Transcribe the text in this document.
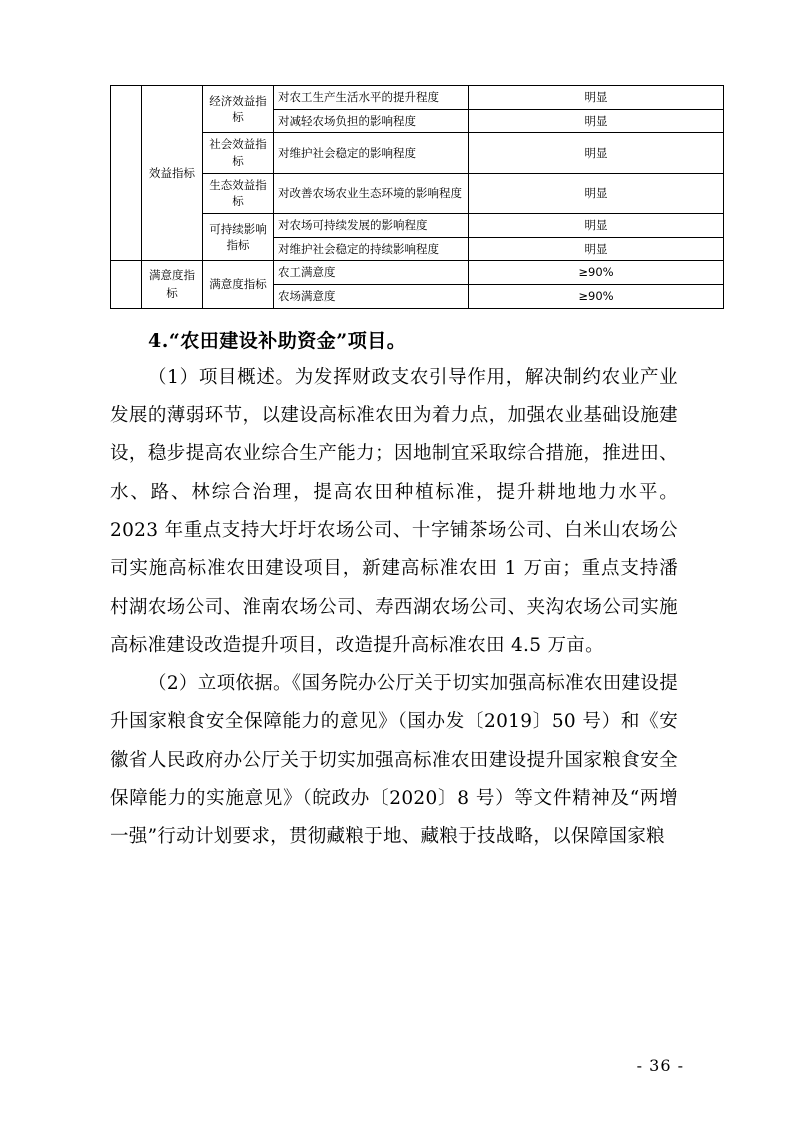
	效益指标	经济效益指标	对农工生产生活水平的提升程度	明显
			对减轻农场负担的影响程度	明显
		社会效益指标	对维护社会稳定的影响程度	明显
		生态效益指标	对改善农场农业生态环境的影响程度	明显
		可持续影响指标	对农场可持续发展的影响程度	明显
			对维护社会稳定的持续影响程度	明显

	满意度指标	满意度指标	农工满意度	≥90%
			农场满意度	≥90%
4.“农田建设补助资金”项目。

（1）项目概述。为发挥财政支农引导作用，解决制约农业产业发展的薄弱环节，以建设高标准农田为着力点，加强农业基础设施建设，稳步提高农业综合生产能力；因地制宜采取综合措施，推进田、水、路、林综合治理，提高农田种植标准，提升耕地地力水平。2023 年重点支持大圩圩农场公司、十字铺茶场公司、白米山农场公司实施高标准农田建设项目，新建高标准农田 1 万亩；重点支持潘村湖农场公司、淮南农场公司、寿西湖农场公司、夹沟农场公司实施高标准建设改造提升项目，改造提升高标准农田 4.5 万亩。

（2）立项依据。《国务院办公厅关于切实加强高标准农田建设提升国家粮食安全保障能力的意见》（国办发〔2019〕50 号）和《安徽省人民政府办公厅关于切实加强高标准农田建设提升国家粮食安全保障能力的实施意见》（皖政办〔2020〕8 号）等文件精神及“两增一强”行动计划要求，贯彻藏粮于地、藏粮于技战略，以保障国家粮

- 36 -
